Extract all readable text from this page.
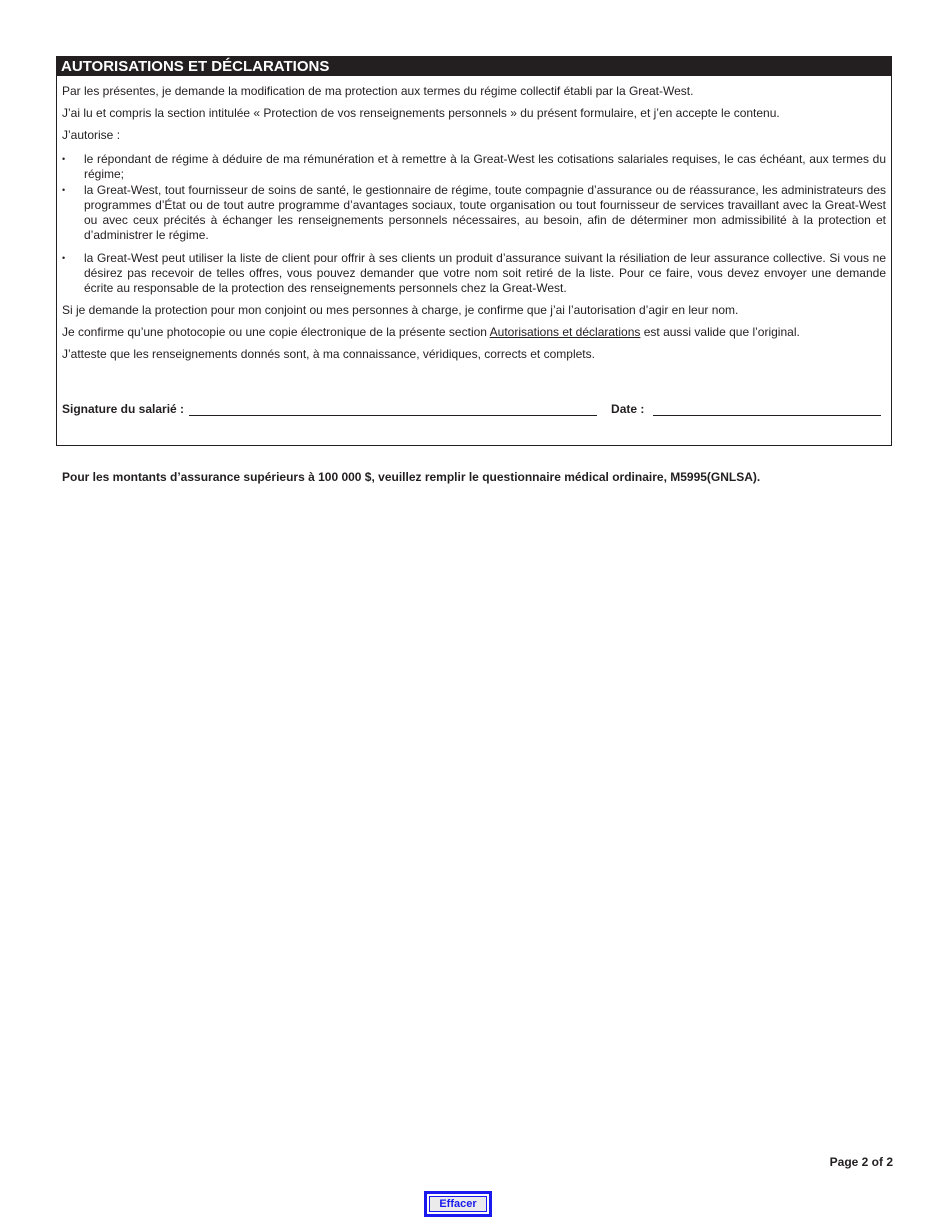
AUTORISATIONS ET DÉCLARATIONS

Par les présentes, je demande la modification de ma protection aux termes du régime collectif établi par la Great-West.

J’ai lu et compris la section intitulée « Protection de vos renseignements personnels » du présent formulaire, et j’en accepte le contenu.

J’autorise :

• le répondant de régime à déduire de ma rémunération et à remettre à la Great-West les cotisations salariales requises, le cas échéant, aux termes du régime;
• la Great-West, tout fournisseur de soins de santé, le gestionnaire de régime, toute compagnie d’assurance ou de réassurance, les administrateurs des programmes d’État ou de tout autre programme d’avantages sociaux, toute organisation ou tout fournisseur de services travaillant avec la Great-West ou avec ceux précités à échanger les renseignements personnels nécessaires, au besoin, afin de déterminer mon admissibilité à la protection et d’administrer le régime.
• la Great-West peut utiliser la liste de client pour offrir à ses clients un produit d’assurance suivant la résiliation de leur assurance collective. Si vous ne désirez pas recevoir de telles offres, vous pouvez demander que votre nom soit retiré de la liste. Pour ce faire, vous devez envoyer une demande écrite au responsable de la protection des renseignements personnels chez la Great-West.

Si je demande la protection pour mon conjoint ou mes personnes à charge, je confirme que j’ai l’autorisation d’agir en leur nom.

Je confirme qu’une photocopie ou une copie électronique de la présente section Autorisations et déclarations est aussi valide que l’original.

J’atteste que les renseignements donnés sont, à ma connaissance, véridiques, corrects et complets.

Signature du salarié :	Date :
Pour les montants d’assurance supérieurs à 100 000 $, veuillez remplir le questionnaire médical ordinaire, M5995(GNLSA).
Page 2 of 2
Effacer
